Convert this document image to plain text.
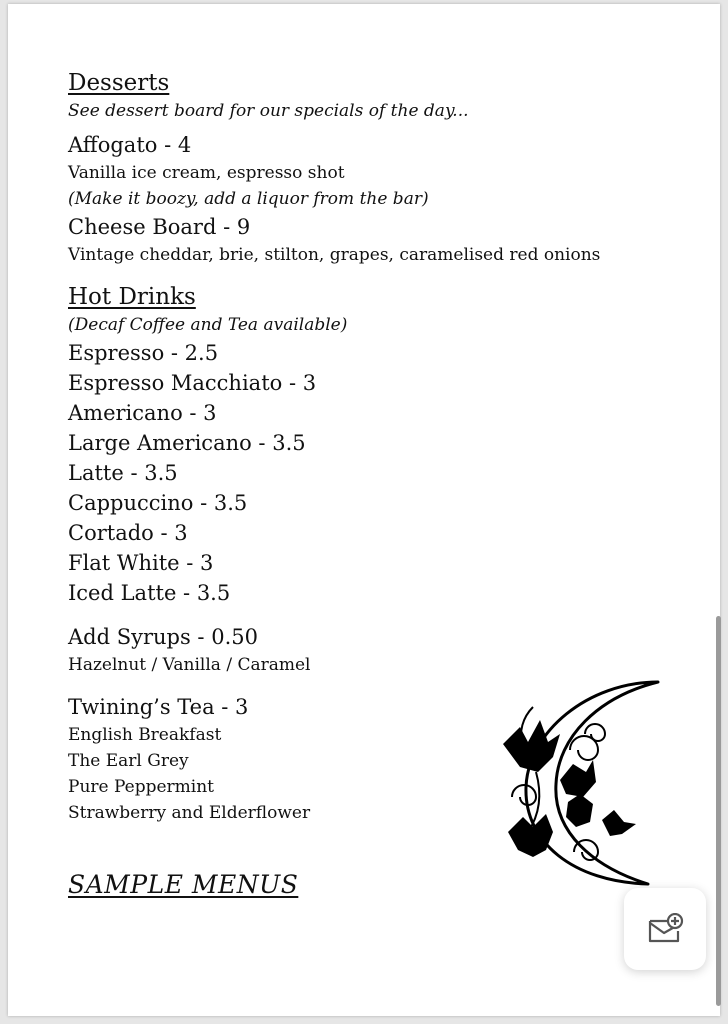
Desserts
See dessert board for our specials of the day...
Affogato - 4
Vanilla ice cream, espresso shot
(Make it boozy, add a liquor from the bar)
Cheese Board - 9
Vintage cheddar, brie, stilton, grapes, caramelised red onions
Hot Drinks
(Decaf Coffee and Tea available)
Espresso - 2.5
Espresso Macchiato - 3
Americano - 3
Large Americano - 3.5
Latte - 3.5
Cappuccino - 3.5
Cortado - 3
Flat White - 3
Iced Latte - 3.5
Add Syrups - 0.50
Hazelnut / Vanilla / Caramel
Twining’s Tea - 3
English Breakfast
The Earl Grey
Pure Peppermint
Strawberry and Elderflower
SAMPLE MENUS
